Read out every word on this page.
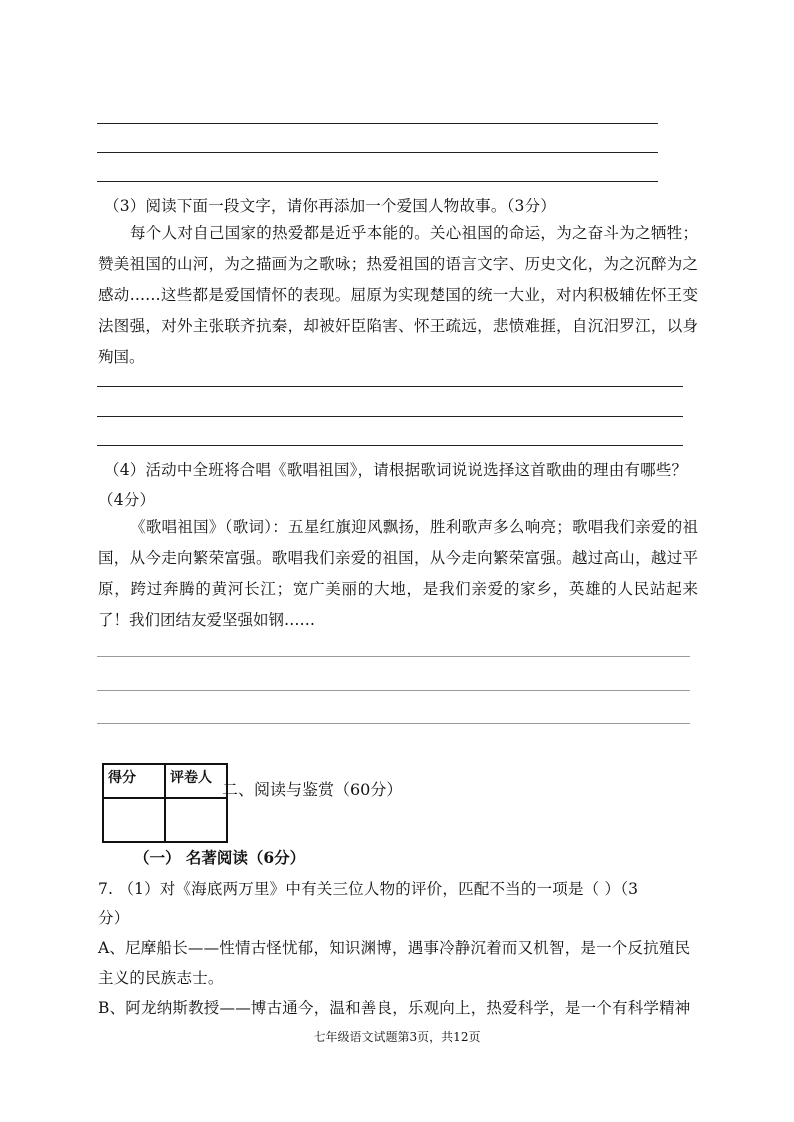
（3）阅读下面一段文字，请你再添加一个爱国人物故事。（3分）

每个人对自己国家的热爱都是近乎本能的。关心祖国的命运，为之奋斗为之牺牲；赞美祖国的山河，为之描画为之歌咏；热爱祖国的语言文字、历史文化，为之沉醉为之感动……这些都是爱国情怀的表现。屈原为实现楚国的统一大业，对内积极辅佐怀王变法图强，对外主张联齐抗秦，却被奸臣陷害、怀王疏远，悲愤难捱，自沉汨罗江，以身殉国。

（4）活动中全班将合唱《歌唱祖国》，请根据歌词说说选择这首歌曲的理由有哪些？
（4分）

《歌唱祖国》（歌词）：五星红旗迎风飘扬，胜利歌声多么响亮；歌唱我们亲爱的祖国，从今走向繁荣富强。歌唱我们亲爱的祖国，从今走向繁荣富强。越过高山，越过平原，跨过奔腾的黄河长江；宽广美丽的大地，是我们亲爱的家乡，英雄的人民站起来了！我们团结友爱坚强如钢……

得分	评卷人

二、阅读与鉴赏（60分）
（一） 名著阅读（6分）
7. （1）对《海底两万里》中有关三位人物的评价，匹配不当的一项是（ ）（3
分）
A、尼摩船长——性情古怪忧郁，知识渊博，遇事冷静沉着而又机智，是一个反抗殖民
主义的民族志士。
B、阿龙纳斯教授——博古通今，温和善良，乐观向上，热爱科学，是一个有科学精神
七年级语文试题第3页，共12页
